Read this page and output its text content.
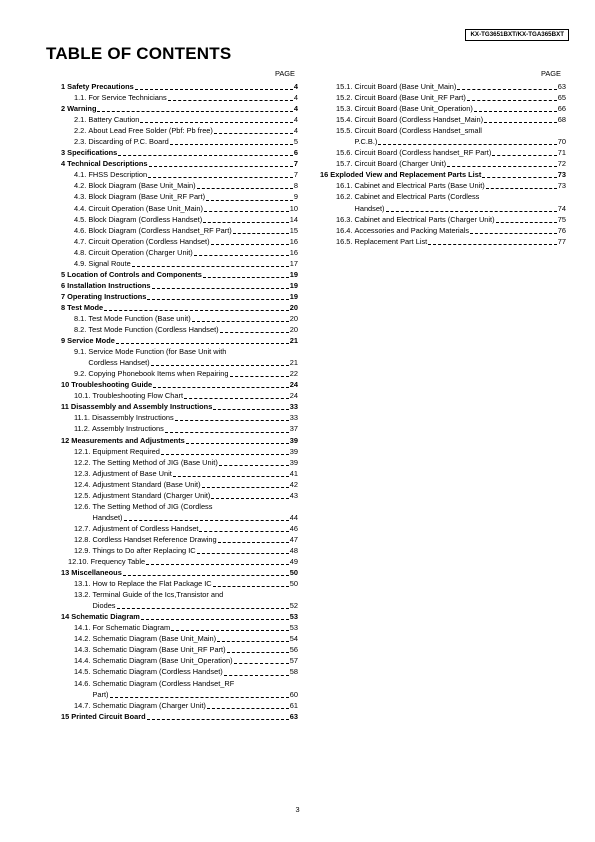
KX-TG3651BXT/KX-TGA365BXT
TABLE OF CONTENTS
PAGE	PAGE
1 Safety Precautions	4
1.1. For Service Technicians	4
2 Warning	4
2.1. Battery Caution	4
2.2. About Lead Free Solder (Pbf: Pb free)	4
2.3. Discarding of P.C. Board	5
3 Specifications	6
4 Technical Descriptions	7
4.1. FHSS Description	7
4.2. Block Diagram (Base Unit_Main)	8
4.3. Block Diagram (Base Unit_RF Part)	9
4.4. Circuit Operation (Base Unit_Main)	10
4.5. Block Diagram (Cordless Handset)	14
4.6. Block Diagram (Cordless Handset_RF Part)	15
4.7. Circuit Operation (Cordless Handset)	16
4.8. Circuit Operation (Charger Unit)	16
4.9. Signal Route	17
5 Location of Controls and Components	19
6 Installation Instructions	19
7 Operating Instructions	19
8 Test Mode	20
8.1. Test Mode Function (Base unit)	20
8.2. Test Mode Function (Cordless Handset)	20
9 Service Mode	21
9.1. Service Mode Function (for Base Unit with
Cordless Handset)	21
9.2. Copying Phonebook Items when Repairing	22
10 Troubleshooting Guide	24
10.1. Troubleshooting Flow Chart	24
11 Disassembly and Assembly Instructions	33
11.1. Disassembly Instructions	33
11.2. Assembly Instructions	37
12 Measurements and Adjustments	39
12.1. Equipment Required	39
12.2. The Setting Method of JIG (Base Unit)	39
12.3. Adjustment of Base Unit	41
12.4. Adjustment Standard (Base Unit)	42
12.5. Adjustment Standard (Charger Unit)	43
12.6. The Setting Method of JIG (Cordless
Handset)	44
12.7. Adjustment of Cordless Handset	46
12.8. Cordless Handset Reference Drawing	47
12.9. Things to Do after Replacing IC	48
12.10. Frequency Table	49
13 Miscellaneous	50
13.1. How to Replace the Flat Package IC	50
13.2. Terminal Guide of the Ics,Transistor and
Diodes	52
14 Schematic Diagram	53
14.1. For Schematic Diagram	53
14.2. Schematic Diagram (Base Unit_Main)	54
14.3. Schematic Diagram (Base Unit_RF Part)	56
14.4. Schematic Diagram (Base Unit_Operation)	57
14.5. Schematic Diagram (Cordless Handset)	58
14.6. Schematic Diagram (Cordless Handset_RF
Part)	60
14.7. Schematic Diagram (Charger Unit)	61
15 Printed Circuit Board	63
15.1. Circuit Board (Base Unit_Main)	63
15.2. Circuit Board (Base Unit_RF Part)	65
15.3. Circuit Board (Base Unit_Operation)	66
15.4. Circuit Board (Cordless Handset_Main)	68
15.5. Circuit Board (Cordless Handset_small
P.C.B.)	70
15.6. Circuit Board (Cordless handset_RF Part)	71
15.7. Circuit Board (Charger Unit)	72
16 Exploded View and Replacement Parts List	73
16.1. Cabinet and Electrical Parts (Base Unit)	73
16.2. Cabinet and Electrical Parts (Cordless
Handset)	74
16.3. Cabinet and Electrical Parts (Charger Unit)	75
16.4. Accessories and Packing Materials	76
16.5. Replacement Part List	77
3
